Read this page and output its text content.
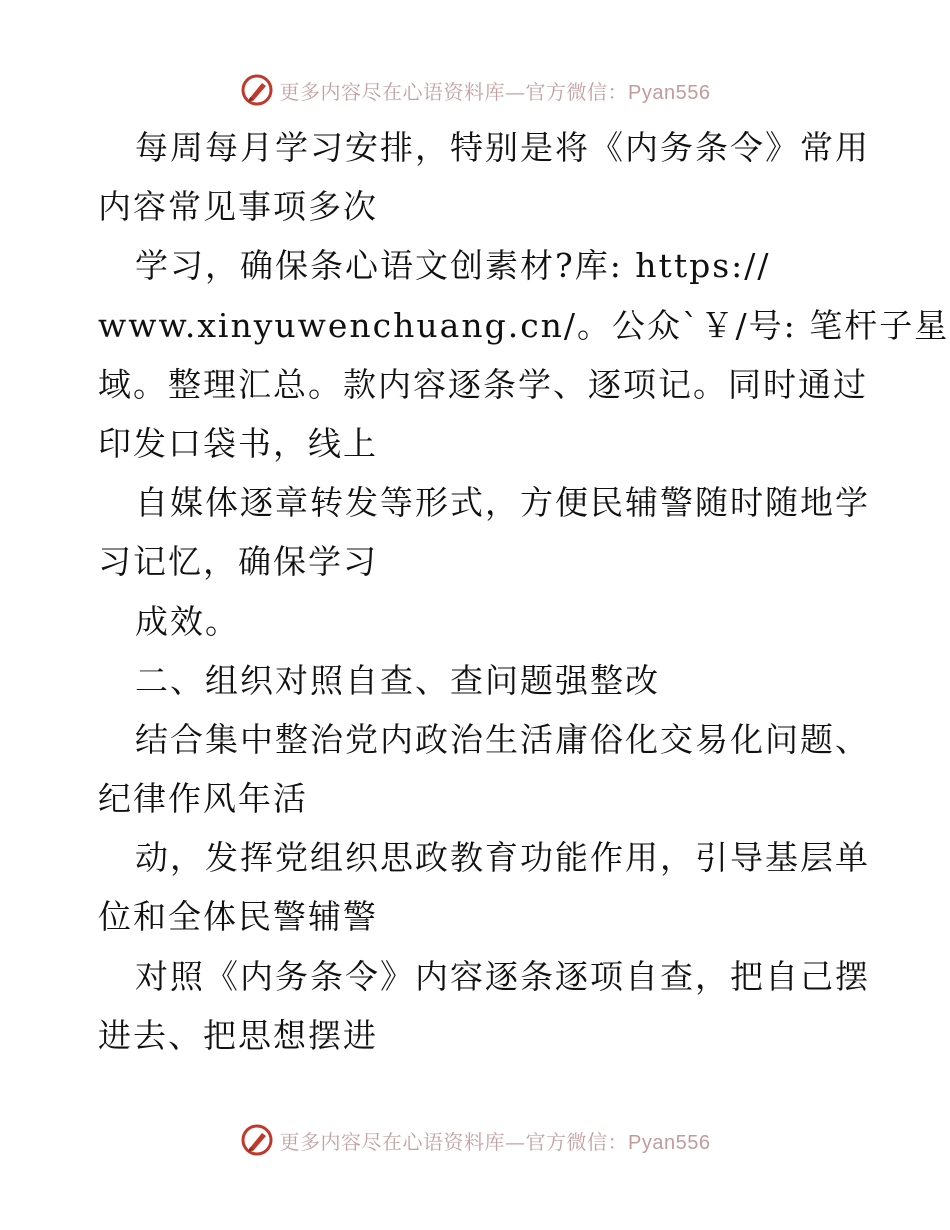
更多内容尽在心语资料库—官方微信：Pyan556
每周每月学习安排，特别是将《内务条令》常用
内容常见事项多次
学习，确保条心语文创素材?库: https://
www.xinyuwenchuang.cn/。公众`￥/号: 笔杆子星
域。整理汇总。款内容逐条学、逐项记。同时通过
印发口袋书，线上
自媒体逐章转发等形式，方便民辅警随时随地学
习记忆，确保学习
成效。
二、组织对照自查、查问题强整改
结合集中整治党内政治生活庸俗化交易化问题、
纪律作风年活
动，发挥党组织思政教育功能作用，引导基层单
位和全体民警辅警
对照《内务条令》内容逐条逐项自查，把自己摆
进去、把思想摆进
更多内容尽在心语资料库—官方微信：Pyan556
